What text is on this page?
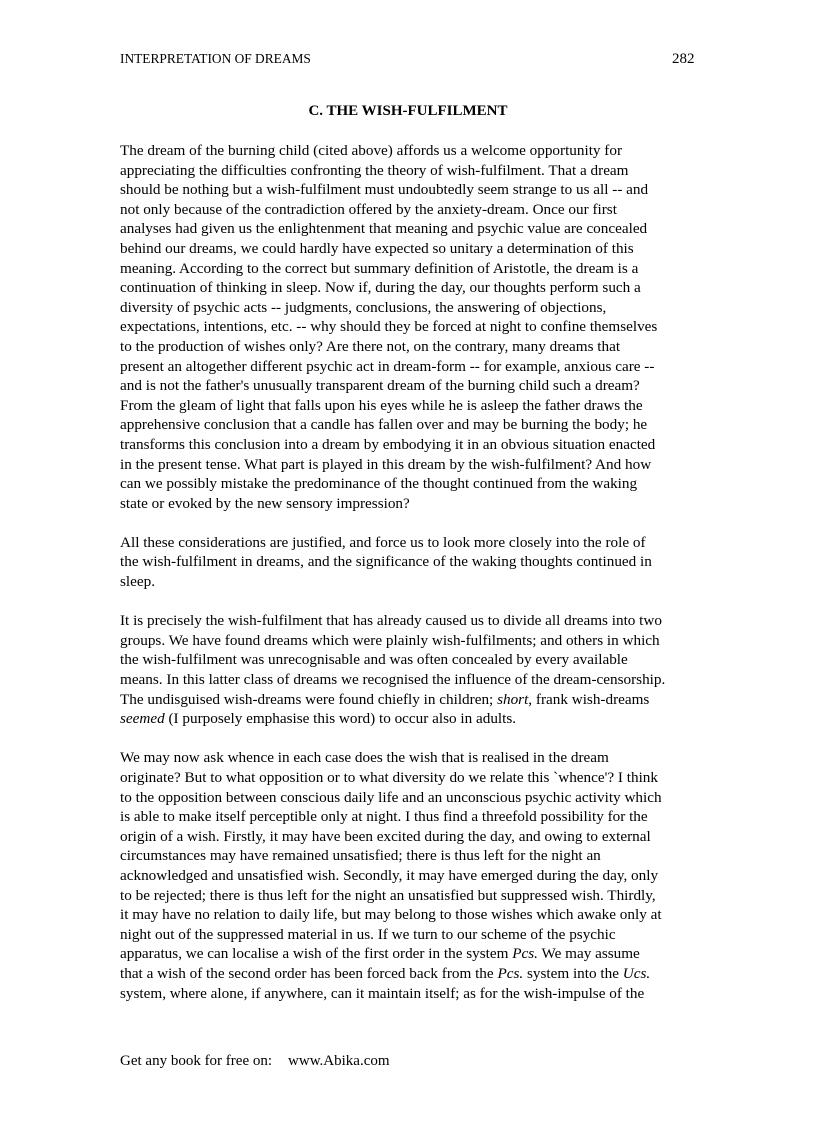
INTERPRETATION OF DREAMS	282
C. THE WISH-FULFILMENT

The dream of the burning child (cited above) affords us a welcome opportunity for
appreciating the difficulties confronting the theory of wish-fulfilment. That a dream
should be nothing but a wish-fulfilment must undoubtedly seem strange to us all -- and
not only because of the contradiction offered by the anxiety-dream. Once our first
analyses had given us the enlightenment that meaning and psychic value are concealed
behind our dreams, we could hardly have expected so unitary a determination of this
meaning. According to the correct but summary definition of Aristotle, the dream is a
continuation of thinking in sleep. Now if, during the day, our thoughts perform such a
diversity of psychic acts -- judgments, conclusions, the answering of objections,
expectations, intentions, etc. -- why should they be forced at night to confine themselves
to the production of wishes only? Are there not, on the contrary, many dreams that
present an altogether different psychic act in dream-form -- for example, anxious care --
and is not the father's unusually transparent dream of the burning child such a dream?
From the gleam of light that falls upon his eyes while he is asleep the father draws the
apprehensive conclusion that a candle has fallen over and may be burning the body; he
transforms this conclusion into a dream by embodying it in an obvious situation enacted
in the present tense. What part is played in this dream by the wish-fulfilment? And how
can we possibly mistake the predominance of the thought continued from the waking
state or evoked by the new sensory impression?

All these considerations are justified, and force us to look more closely into the role of
the wish-fulfilment in dreams, and the significance of the waking thoughts continued in
sleep.

It is precisely the wish-fulfilment that has already caused us to divide all dreams into two
groups. We have found dreams which were plainly wish-fulfilments; and others in which
the wish-fulfilment was unrecognisable and was often concealed by every available
means. In this latter class of dreams we recognised the influence of the dream-censorship.
The undisguised wish-dreams were found chiefly in children; short, frank wish-dreams
seemed (I purposely emphasise this word) to occur also in adults.

We may now ask whence in each case does the wish that is realised in the dream
originate? But to what opposition or to what diversity do we relate this `whence'? I think
to the opposition between conscious daily life and an unconscious psychic activity which
is able to make itself perceptible only at night. I thus find a threefold possibility for the
origin of a wish. Firstly, it may have been excited during the day, and owing to external
circumstances may have remained unsatisfied; there is thus left for the night an
acknowledged and unsatisfied wish. Secondly, it may have emerged during the day, only
to be rejected; there is thus left for the night an unsatisfied but suppressed wish. Thirdly,
it may have no relation to daily life, but may belong to those wishes which awake only at
night out of the suppressed material in us. If we turn to our scheme of the psychic
apparatus, we can localise a wish of the first order in the system Pcs. We may assume
that a wish of the second order has been forced back from the Pcs. system into the Ucs.
system, where alone, if anywhere, can it maintain itself; as for the wish-impulse of the

Get any book for free on: www.Abika.com
